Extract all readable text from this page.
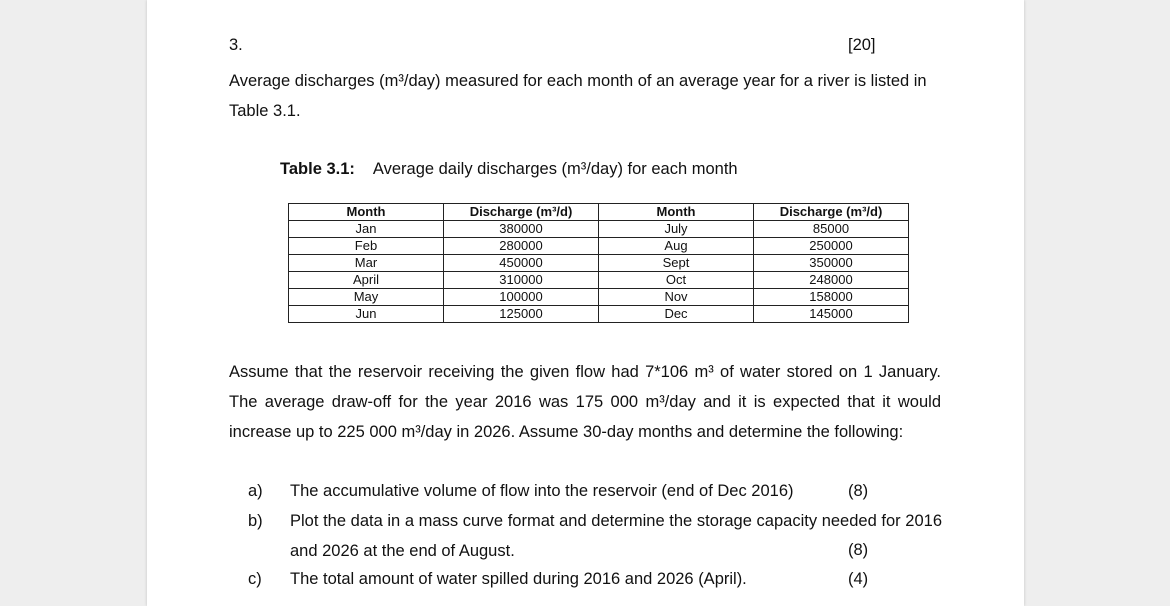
3.	[20]
Average discharges (m³/day) measured for each month of an average year for a river is listed in Table 3.1.
Table 3.1: Average daily discharges (m³/day) for each month
Month	Discharge (m³/d)	Month	Discharge (m³/d)
Jan	380000	July	85000
Feb	280000	Aug	250000
Mar	450000	Sept	350000
April	310000	Oct	248000
May	100000	Nov	158000
Jun	125000	Dec	145000
Assume that the reservoir receiving the given flow had 7*106 m³ of water stored on 1 January. The average draw-off for the year 2016 was 175 000 m³/day and it is expected that it would increase up to 225 000 m³/day in 2026. Assume 30-day months and determine the following:
a) The accumulative volume of flow into the reservoir (end of Dec 2016)	(8)
b) Plot the data in a mass curve format and determine the storage capacity needed for 2016 and 2026 at the end of August.	(8)
c) The total amount of water spilled during 2016 and 2026 (April).	(4)
